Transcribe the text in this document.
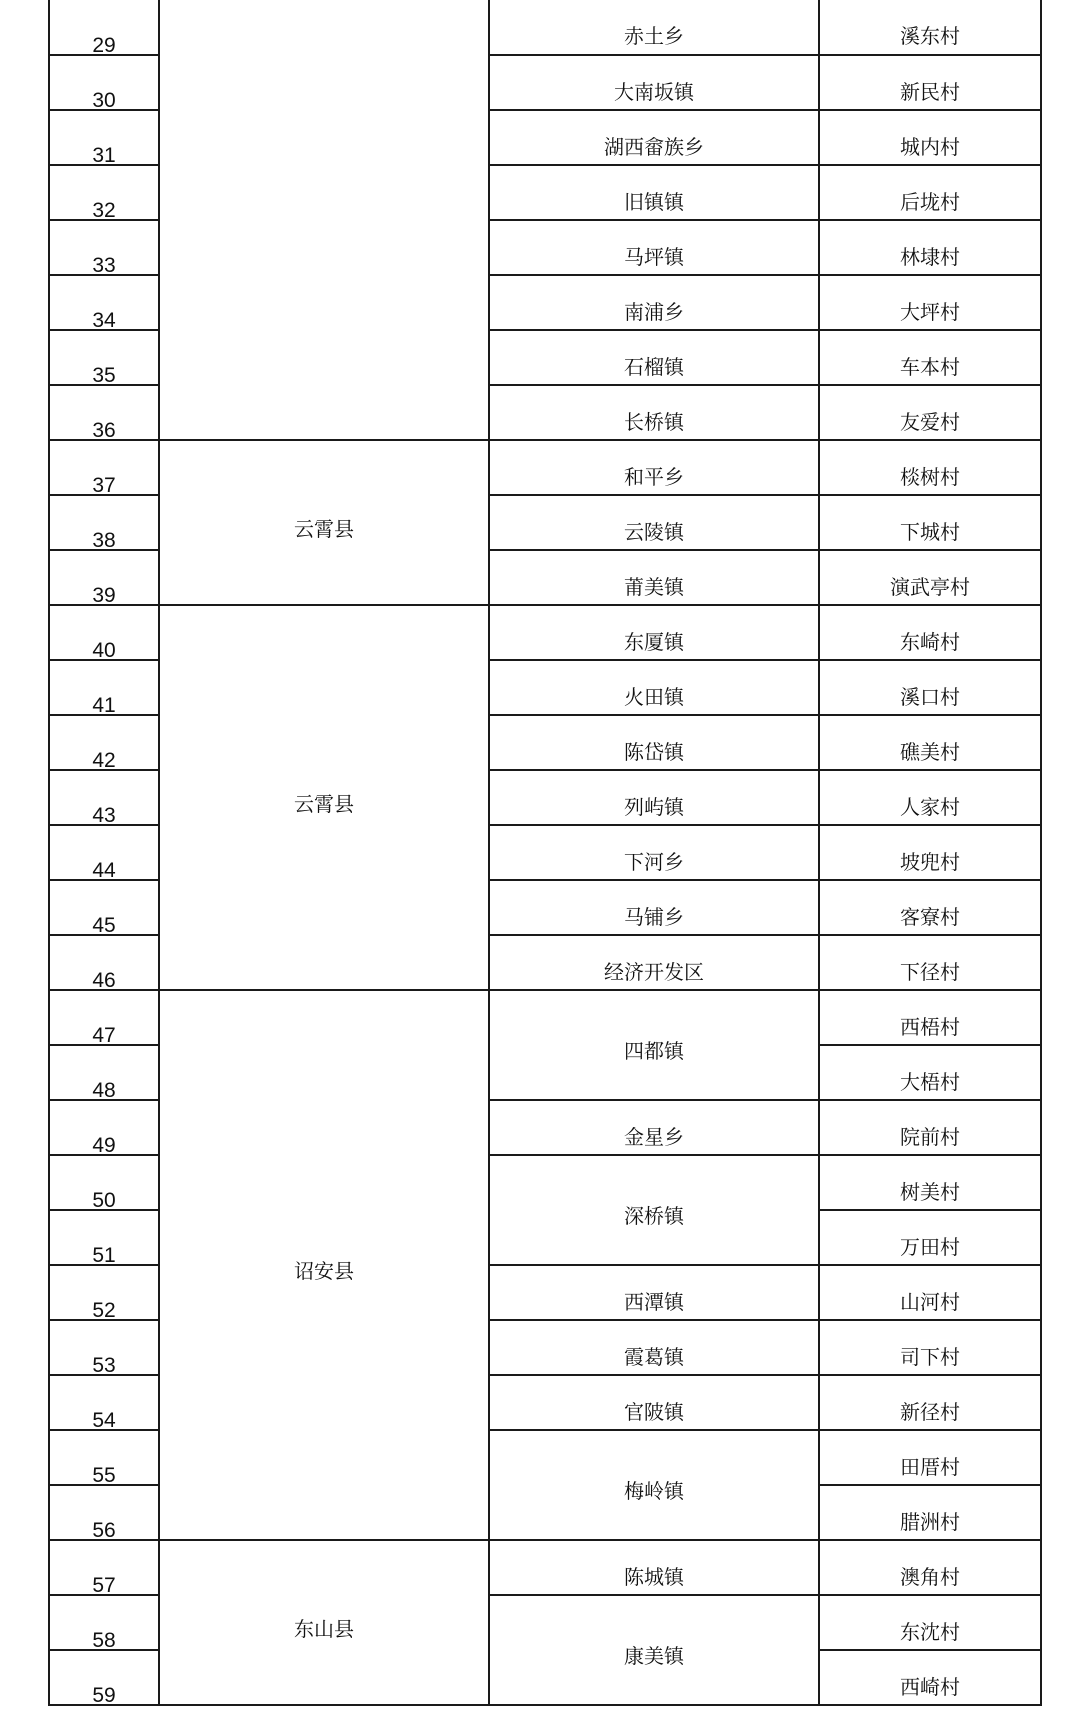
29		赤土乡	溪东村

30		大南坂镇	新民村

31		湖西畲族乡	城内村

32		旧镇镇	后垅村

33		马坪镇	林埭村

34		南浦乡	大坪村

35		石榴镇	车本村

36		长桥镇	友爱村

37	云霄县	和平乡	棪树村

38		云陵镇	下城村

39		莆美镇	演武亭村

40	云霄县	东厦镇	东崎村

41		火田镇	溪口村

42		陈岱镇	礁美村

43		列屿镇	人家村

44		下河乡	坡兜村

45		马铺乡	客寮村

46		经济开发区	下径村

47	诏安县	四都镇	西梧村

48			大梧村

49		金星乡	院前村

50		深桥镇	树美村

51			万田村

52		西潭镇	山河村

53		霞葛镇	司下村

54		官陂镇	新径村

55		梅岭镇	田厝村

56			腊洲村

57	东山县	陈城镇	澳角村

58		康美镇	东沈村

59			西崎村
